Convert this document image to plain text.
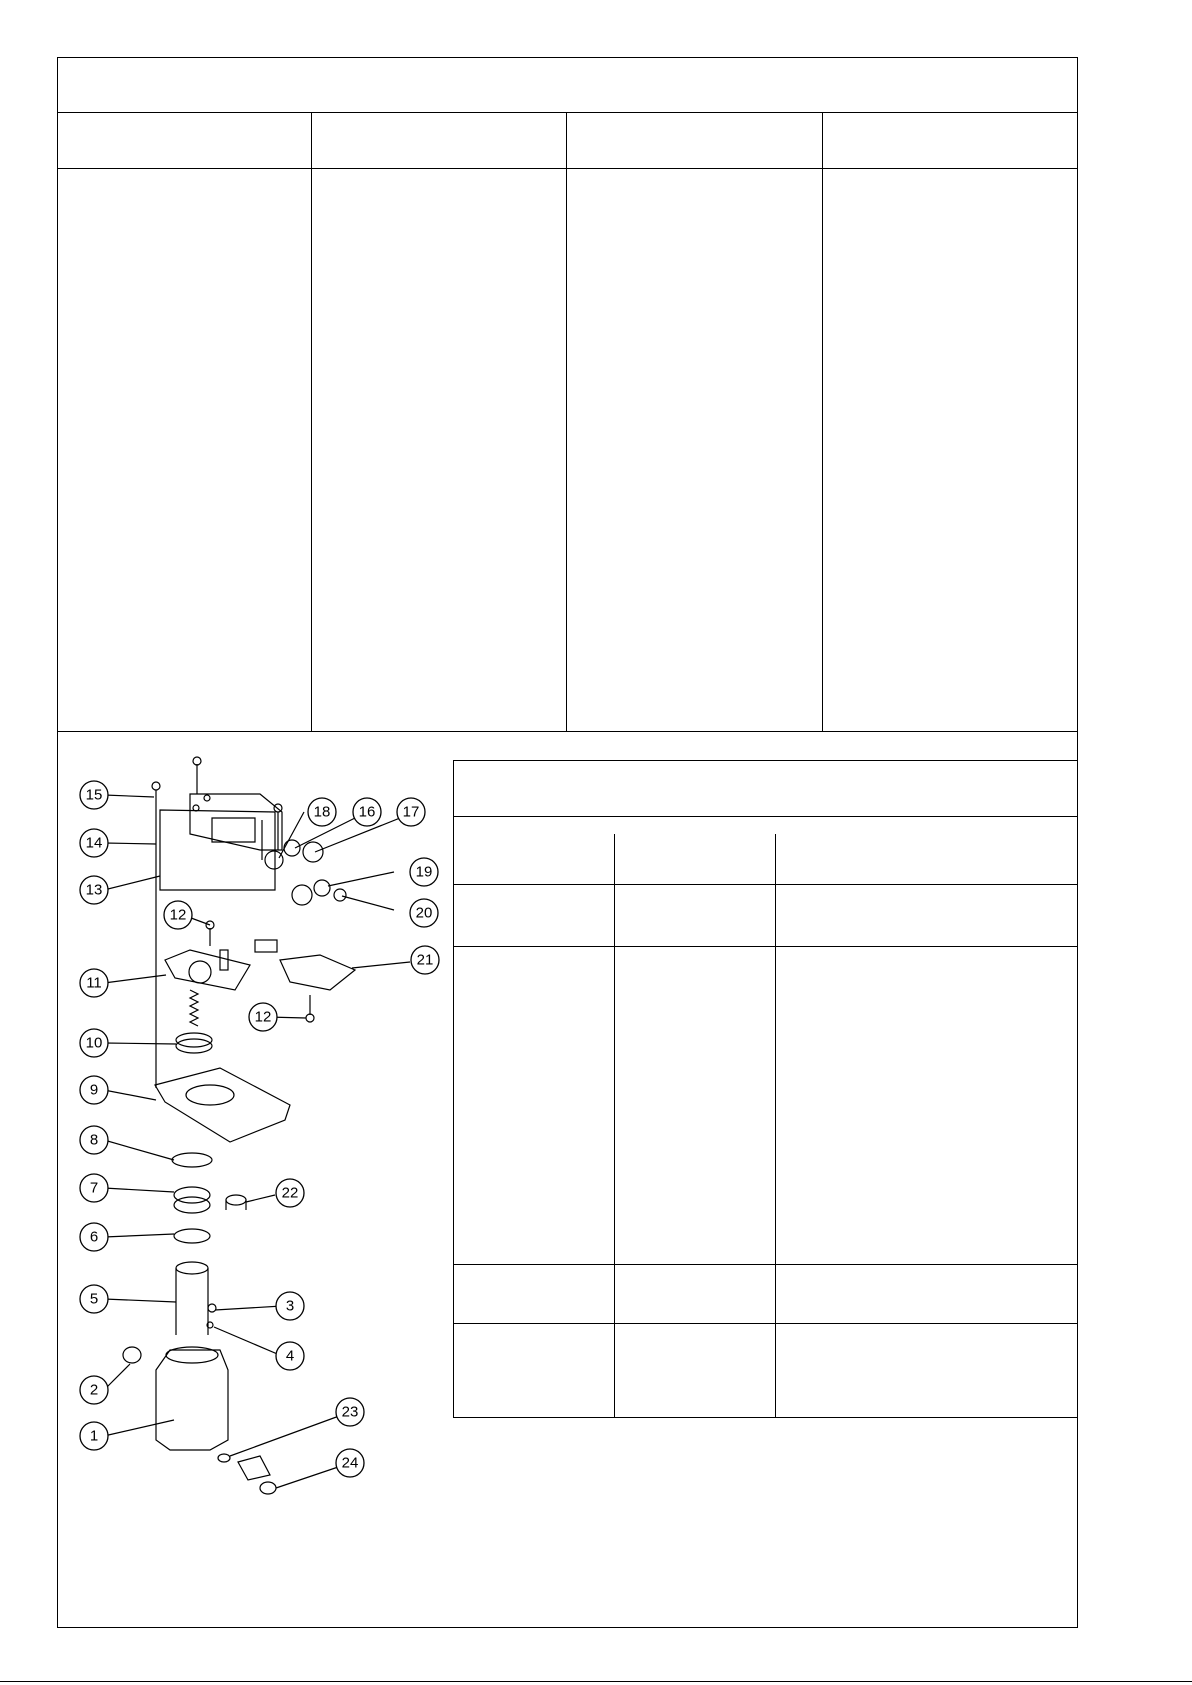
15
14
13
12
11
10
9
8
7
6
5
2
1
12
18 16 17
19
20
21
22
3
4
23
24
